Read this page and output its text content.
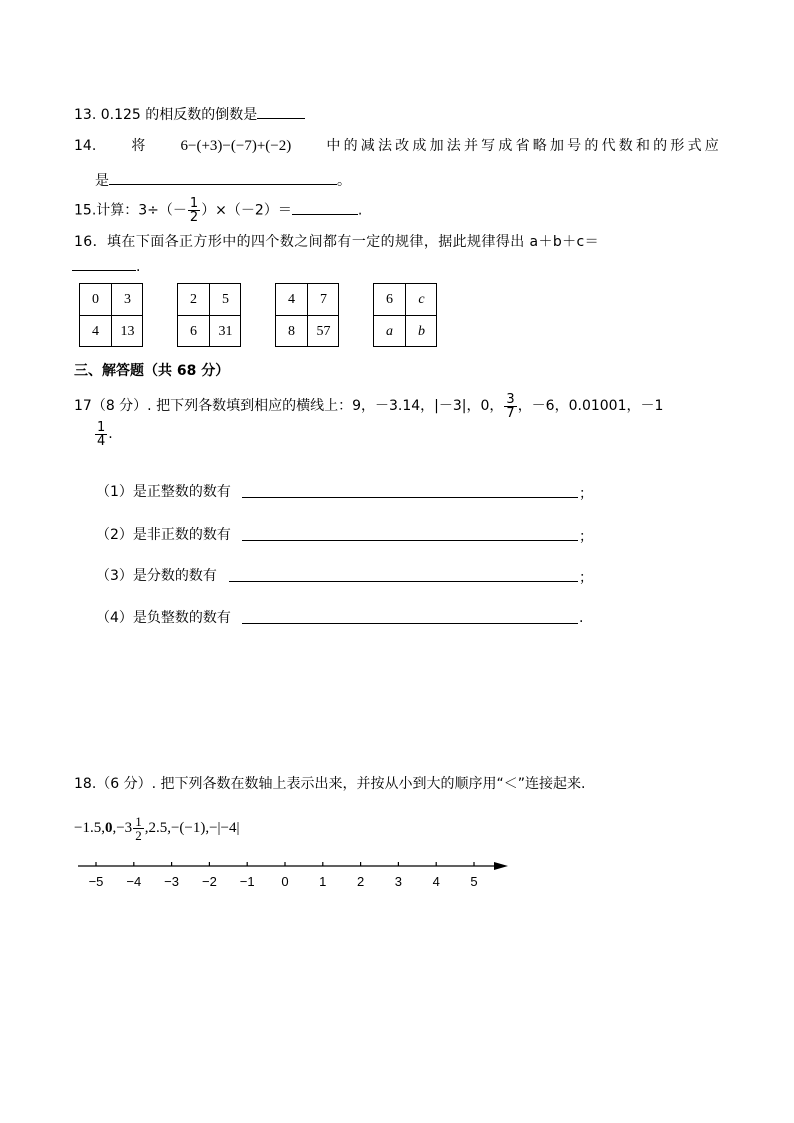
13. 0.125 的相反数的倒数是
14.	将 6−(+3)−(−7)+(−2)	中的减法改成加法并写成省略加号的代数和的形式应
是	。
15.计算：$3\div(- \frac{1}{2} )\times(-2)=$	.
16．填在下面各正方形中的四个数之间都有一定的规律，据此规律得出 a＋b＋c＝
.
0	3
4	13
2	5
6	31
4	7
8	57
6	c
a	b
三、解答题（共 68 分）
17（8 分）. 把下列各数填到相应的横线上：9，－3.14，|－3|，0， $\frac{3}{7}$ ，－6，0.01001，－1
$\frac{1}{4}$ .
（1）是正整数的数有	；
（2）是非正数的数有	；
（3）是分数的数有	；
（4）是负整数的数有	.
18.（6 分）. 把下列各数在数轴上表示出来，并按从小到大的顺序用“＜”连接起来.
$-1.5,0,-3 \frac{1}{2} ,2.5,-(-1),-|-4|$
−5 −4 −3 −2 −1 0 1 2 3 4 5
